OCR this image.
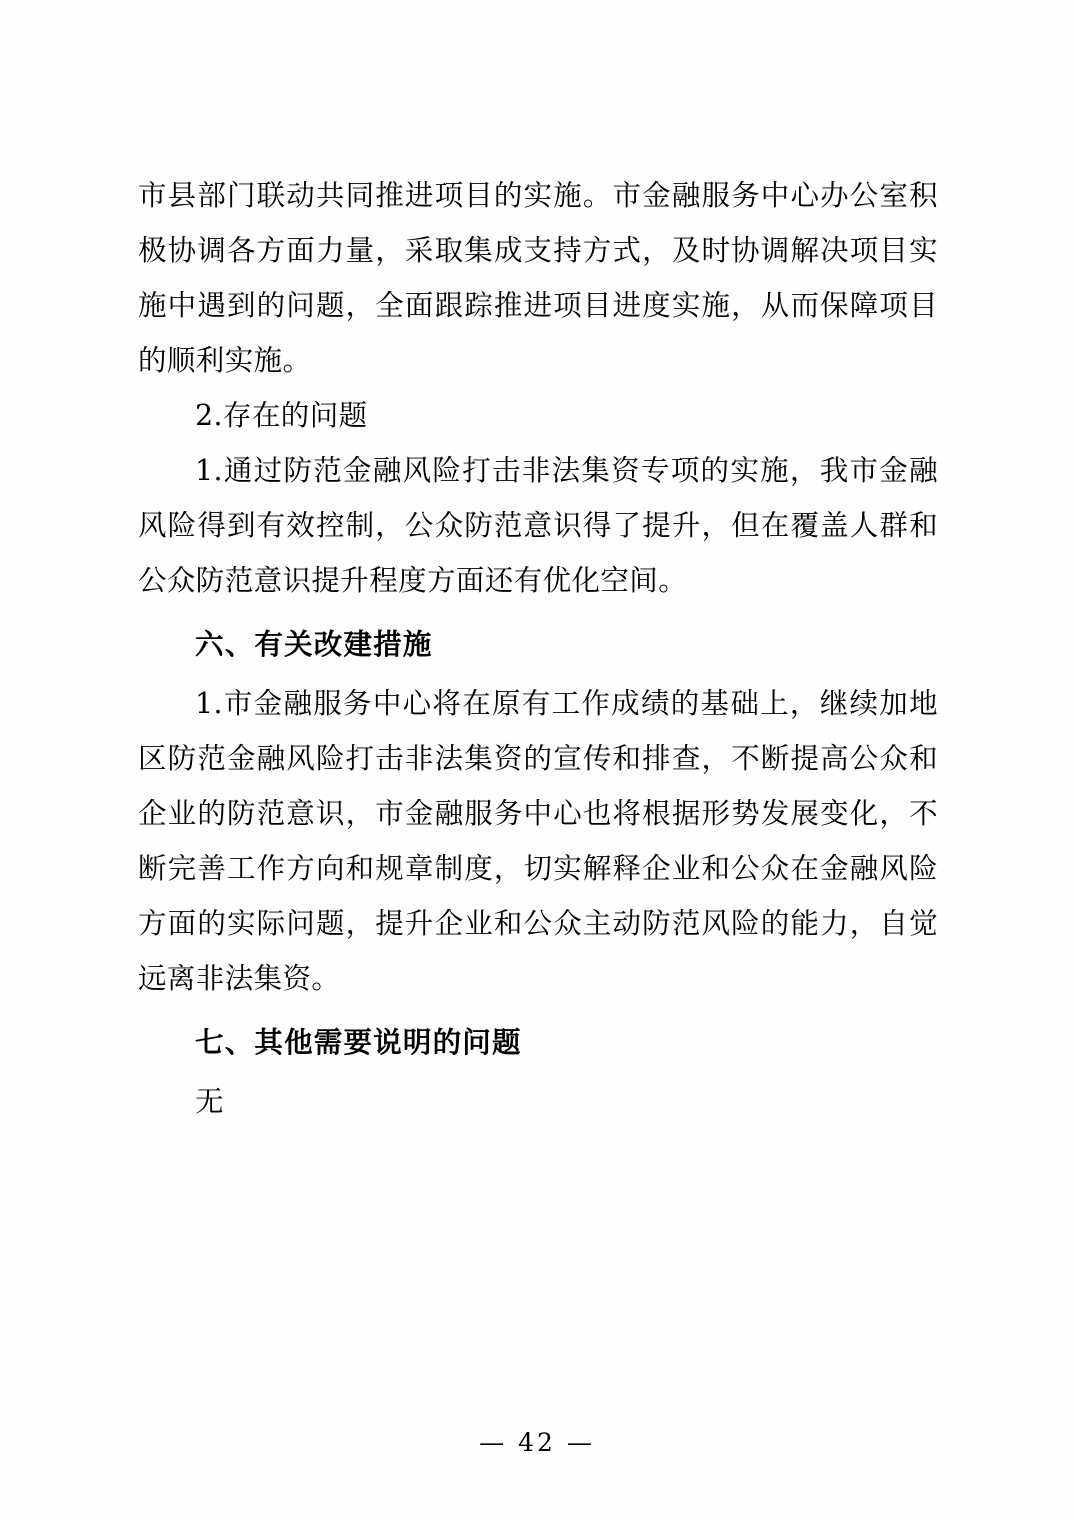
市县部门联动共同推进项目的实施。市金融服务中心办公室积极协调各方面力量，采取集成支持方式，及时协调解决项目实施中遇到的问题，全面跟踪推进项目进度实施，从而保障项目的顺利实施。

2.存在的问题

1.通过防范金融风险打击非法集资专项的实施，我市金融风险得到有效控制，公众防范意识得了提升，但在覆盖人群和公众防范意识提升程度方面还有优化空间。

六、有关改建措施

1.市金融服务中心将在原有工作成绩的基础上，继续加地区防范金融风险打击非法集资的宣传和排查，不断提高公众和企业的防范意识，市金融服务中心也将根据形势发展变化，不断完善工作方向和规章制度，切实解释企业和公众在金融风险方面的实际问题，提升企业和公众主动防范风险的能力，自觉远离非法集资。

七、其他需要说明的问题

无

— 42 —
